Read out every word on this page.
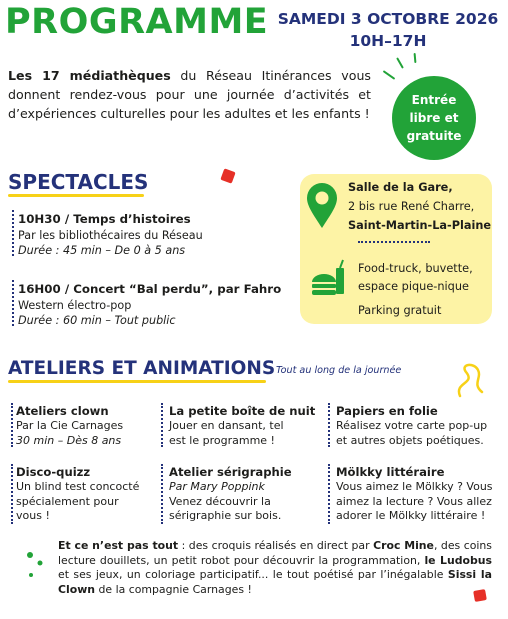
PROGRAMME SAMEDI 3 OCTOBRE 2026
10H–17H
Les 17 médiathèques du Réseau Itinérances vous donnent rendez-vous pour une journée d’activités et d’expériences culturelles pour les adultes et les enfants !
Entrée
libre et
gratuite
SPECTACLES
10H30 / Temps d’histoires
Par les bibliothécaires du Réseau
Durée : 45 min – De 0 à 5 ans
16H00 / Concert “Bal perdu”, par Fahro
Western électro-pop
Durée : 60 min – Tout public
Salle de la Gare,
2 bis rue René Charre,
Saint-Martin-La-Plaine
Food-truck, buvette,
espace pique-nique
Parking gratuit
ATELIERS ET ANIMATIONS Tout au long de la journée
Ateliers clown
Par la Cie Carnages
30 min – Dès 8 ans
La petite boîte de nuit
Jouer en dansant, tel
est le programme !
Papiers en folie
Réalisez votre carte pop-up
et autres objets poétiques.
Disco-quizz
Un blind test concocté
spécialement pour
vous !
Atelier sérigraphie
Par Mary Poppink
Venez découvrir la
sérigraphie sur bois.
Mölkky littéraire
Vous aimez le Mölkky ? Vous
aimez la lecture ? Vous allez
adorer le Mölkky littéraire !
Et ce n’est pas tout : des croquis réalisés en direct par Croc Mine, des coins lecture douillets, un petit robot pour découvrir la programmation, le Ludobus et ses jeux, un coloriage participatif... le tout poétisé par l’inégalable Sissi la Clown de la compagnie Carnages !
